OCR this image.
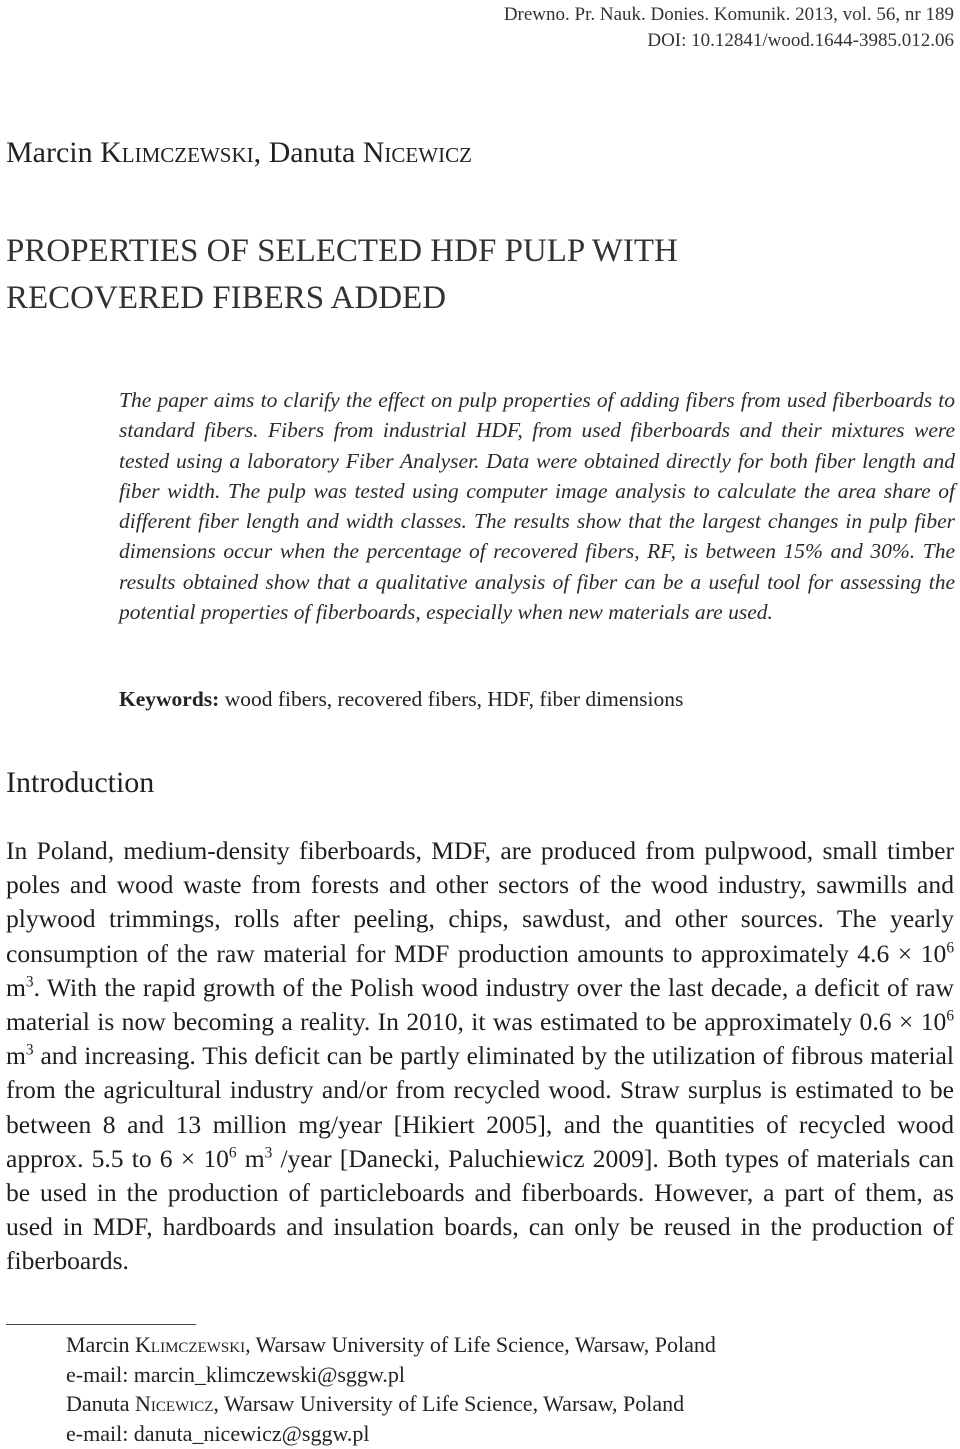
Drewno. Pr. Nauk. Donies. Komunik. 2013, vol. 56, nr 189
DOI: 10.12841/wood.1644-3985.012.06
Marcin Klimczewski, Danuta Nicewicz
PROPERTIES OF SELECTED HDF PULP WITH
RECOVERED FIBERS ADDED
The paper aims to clarify the effect on pulp properties of adding fibers from used fiberboards to standard fibers. Fibers from industrial HDF, from used fiberboards and their mixtures were tested using a laboratory Fiber Analyser. Data were obtained directly for both fiber length and fiber width. The pulp was tested using computer image analysis to calculate the area share of different fiber length and width classes. The results show that the largest changes in pulp fiber dimensions occur when the percentage of recovered fibers, RF, is between 15% and 30%. The results obtained show that a qualitative analysis of fiber can be a useful tool for assessing the potential properties of fiberboards, especially when new materials are used.
Keywords: wood fibers, recovered fibers, HDF, fiber dimensions
Introduction
In Poland, medium-density fiberboards, MDF, are produced from pulpwood, small timber poles and wood waste from forests and other sectors of the wood industry, sawmills and plywood trimmings, rolls after peeling, chips, sawdust, and other sources. The yearly consumption of the raw material for MDF production amounts to approximately $4.6 \times 10^6$ $m^3$. With the rapid growth of the Polish wood industry over the last decade, a deficit of raw material is now becoming a reality. In 2010, it was estimated to be approximately $0.6 \times 10^6$ $m^3$ and increasing. This deficit can be partly eliminated by the utilization of fibrous material from the agricultural industry and/or from recycled wood. Straw surplus is estimated to be between 8 and 13 million mg/year [Hikiert 2005], and the quantities of recycled wood approx. 5.5 to $6 \times 10^6$ $m^3$ /year [Danecki, Paluchiewicz 2009]. Both types of materials can be used in the production of particleboards and fiberboards. However, a part of them, as used in MDF, hardboards and insulation boards, can only be reused in the production of fiberboards.
Marcin Klimczewski, Warsaw University of Life Science, Warsaw, Poland
e-mail: marcin_klimczewski@sggw.pl
Danuta Nicewicz, Warsaw University of Life Science, Warsaw, Poland
e-mail: danuta_nicewicz@sggw.pl
